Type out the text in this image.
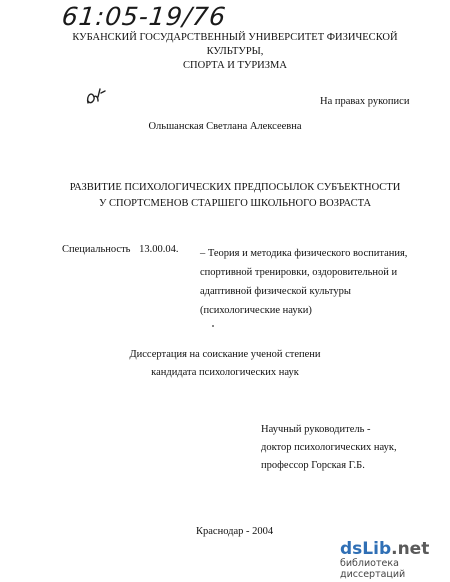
61:05-19/76
КУБАНСКИЙ ГОСУДАРСТВЕННЫЙ УНИВЕРСИТЕТ ФИЗИЧЕСКОЙ КУЛЬТУРЫ,
СПОРТА И ТУРИЗМА
На правах рукописи
Ольшанская Светлана Алексеевна
РАЗВИТИЕ ПСИХОЛОГИЧЕСКИХ ПРЕДПОСЫЛОК СУБЪЕКТНОСТИ
У СПОРТСМЕНОВ СТАРШЕГО ШКОЛЬНОГО ВОЗРАСТА
Специальность 13.00.04. – Теория и методика физического воспитания,
спортивной тренировки, оздоровительной и
адаптивной физической культуры
(психологические науки)
Диссертация на соискание ученой степени
кандидата психологических наук
Научный руководитель -
доктор психологических наук,
профессор Горская Г.Б.
Краснодар - 2004
dsLib.net
библиотека диссертаций
